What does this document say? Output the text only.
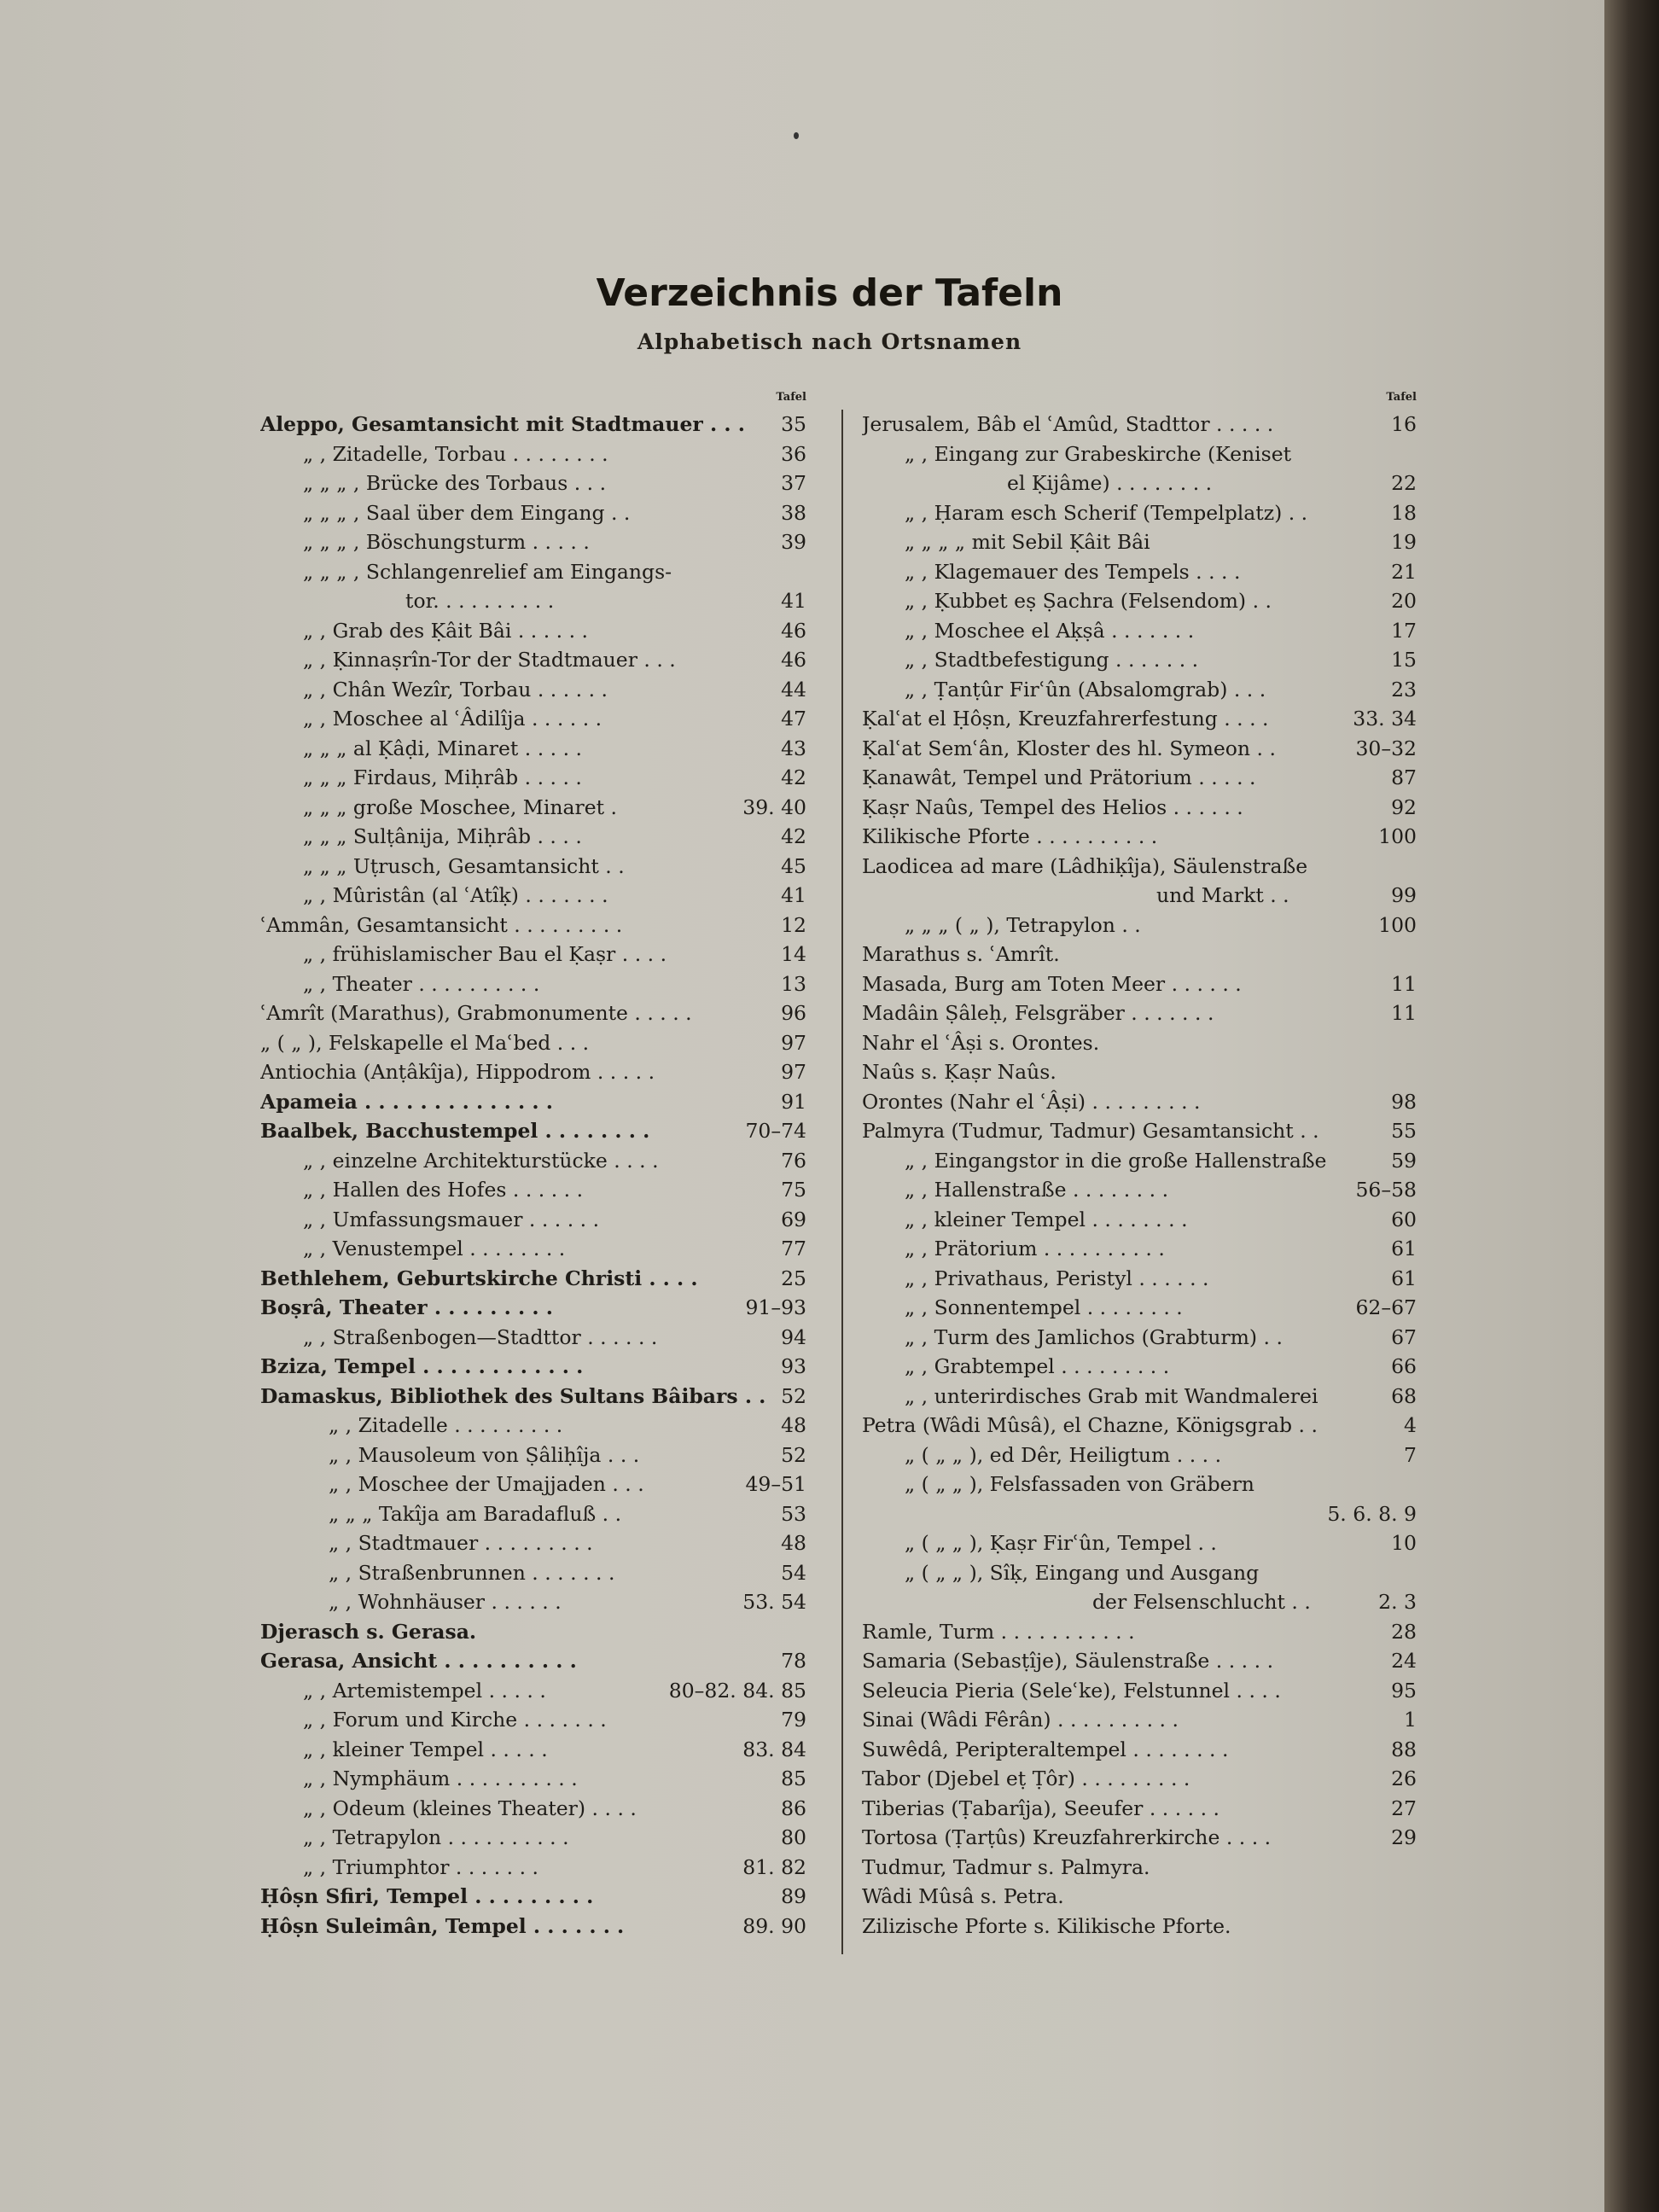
Verzeichnis der Tafeln
Alphabetisch nach Ortsnamen
Tafel
Aleppo, Gesamtansicht mit Stadtmauer . . . 35
„ , Zitadelle, Torbau . . . . . . . .	36
„ „ „ , Brücke des Torbaus . . .	37
„ „ „ , Saal über dem Eingang . .	38
„ „ „ , Böschungsturm . . . . .	39
„ „ „ , Schlangenrelief am Eingangs-
tor. . . . . . . . . .	41
„ , Grab des Ḳâit Bâi . . . . . .	46
„ , Ḳinnaṣrîn-Tor der Stadtmauer . . .	46
„ , Chân Wezîr, Torbau . . . . . .	44
„ , Moschee al ʿÂdilîja . . . . . .	47
„ „ „ al Ḳâḍi, Minaret . . . . .	43
„ „ „ Firdaus, Miḥrâb . . . . .	42
„ „ „ große Moschee, Minaret .	39. 40
„ „ „ Sulṭânija, Miḥrâb . . . .	42
„ „ „ Uṭrusch, Gesamtansicht . .	45
„ , Mûristân (al ʿAtîḳ) . . . . . . .	41
ʿAmmân, Gesamtansicht . . . . . . . . .	12
„ , frühislamischer Bau el Ḳaṣr . . . .	14
„ , Theater . . . . . . . . . .	13
ʿAmrît (Marathus), Grabmonumente . . . . .	96
„ ( „ ), Felskapelle el Maʿbed . . .	97
Antiochia (Anṭâkîja), Hippodrom . . . . .	97
Apameia . . . . . . . . . . . . . .	91
Baalbek, Bacchustempel . . . . . . . .	70–74
„ , einzelne Architekturstücke . . . .	76
„ , Hallen des Hofes . . . . . .	75
„ , Umfassungsmauer . . . . . .	69
„ , Venustempel . . . . . . . .	77
Bethlehem, Geburtskirche Christi . . . .	25
Boṣrâ, Theater . . . . . . . . .	91–93
„ , Straßenbogen—Stadttor . . . . . .	94
Bziza, Tempel . . . . . . . . . . . .	93
Damaskus, Bibliothek des Sultans Bâibars . . 52
„ , Zitadelle . . . . . . . . .	48
„ , Mausoleum von Ṣâliḥîja . . .	52
„ , Moschee der Umajjaden . . .	49–51
„ „ „ Takîja am Baradafluß . .	53
„ , Stadtmauer . . . . . . . . .	48
„ , Straßenbrunnen . . . . . . .	54
„ , Wohnhäuser . . . . . .	53. 54
Djerasch s. Gerasa.
Gerasa, Ansicht . . . . . . . . . .	78
„ , Artemistempel . . . . .	80–82. 84. 85
„ , Forum und Kirche . . . . . . .	79
„ , kleiner Tempel . . . . .	83. 84
„ , Nymphäum . . . . . . . . . .	85
„ , Odeum (kleines Theater) . . . .	86
„ , Tetrapylon . . . . . . . . . .	80
„ , Triumphtor . . . . . . .	81. 82
Ḥôṣn Sfiri, Tempel . . . . . . . . .	89
Ḥôṣn Suleimân, Tempel . . . . . . .	89. 90
Tafel
Jerusalem, Bâb el ʿAmûd, Stadttor . . . . .	16
„ , Eingang zur Grabeskirche (Keniset
el Ḳijâme) . . . . . . . .	22
„ , Ḥaram esch Scherif (Tempelplatz) . .	18
„ „ „ „ mit Sebil Ḳâit Bâi	19
„ , Klagemauer des Tempels . . . .	21
„ , Ḳubbet eṣ Ṣachra (Felsendom) . .	20
„ , Moschee el Aḳṣâ . . . . . . .	17
„ , Stadtbefestigung . . . . . . .	15
„ , Ṭanṭûr Firʿûn (Absalomgrab) . . .	23
Ḳalʿat el Ḥôṣn, Kreuzfahrerfestung . . . .	33. 34
Ḳalʿat Semʿân, Kloster des hl. Symeon . .	30–32
Ḳanawât, Tempel und Prätorium . . . . .	87
Ḳaṣr Naûs, Tempel des Helios . . . . . .	92
Kilikische Pforte . . . . . . . . . .	100
Laodicea ad mare (Lâdhiḳîja), Säulenstraße
und Markt . .	99
„ „ „ ( „ ), Tetrapylon . .	100
Marathus s. ʿAmrît.
Masada, Burg am Toten Meer . . . . . .	11
Madâin Ṣâleḥ, Felsgräber . . . . . . .	11
Nahr el ʿÂṣi s. Orontes.
Naûs s. Ḳaṣr Naûs.
Orontes (Nahr el ʿÂṣi) . . . . . . . . .	98
Palmyra (Tudmur, Tadmur) Gesamtansicht . .	55
„ , Eingangstor in die große Hallenstraße	59
„ , Hallenstraße . . . . . . . .	56–58
„ , kleiner Tempel . . . . . . . .	60
„ , Prätorium . . . . . . . . . .	61
„ , Privathaus, Peristyl . . . . . .	61
„ , Sonnentempel . . . . . . . .	62–67
„ , Turm des Jamlichos (Grabturm) . .	67
„ , Grabtempel . . . . . . . . .	66
„ , unterirdisches Grab mit Wandmalerei	68
Petra (Wâdi Mûsâ), el Chazne, Königsgrab . .	4
„ ( „ „ ), ed Dêr, Heiligtum . . . .	7
„ ( „ „ ), Felsfassaden von Gräbern
5. 6. 8. 9
„ ( „ „ ), Ḳaṣr Firʿûn, Tempel . .	10
„ ( „ „ ), Sîḳ, Eingang und Ausgang
der Felsenschlucht . .	2. 3
Ramle, Turm . . . . . . . . . . .	28
Samaria (Sebasṭîje), Säulenstraße . . . . .	24
Seleucia Pieria (Seleʿke), Felstunnel . . . .	95
Sinai (Wâdi Fêrân) . . . . . . . . . .	1
Suwêdâ, Peripteraltempel . . . . . . . .	88
Tabor (Djebel eṭ Ṭôr) . . . . . . . . .	26
Tiberias (Ṭabarîja), Seeufer . . . . . .	27
Tortosa (Ṭarṭûs) Kreuzfahrerkirche . . . .	29
Tudmur, Tadmur s. Palmyra.
Wâdi Mûsâ s. Petra.
Zilizische Pforte s. Kilikische Pforte.
